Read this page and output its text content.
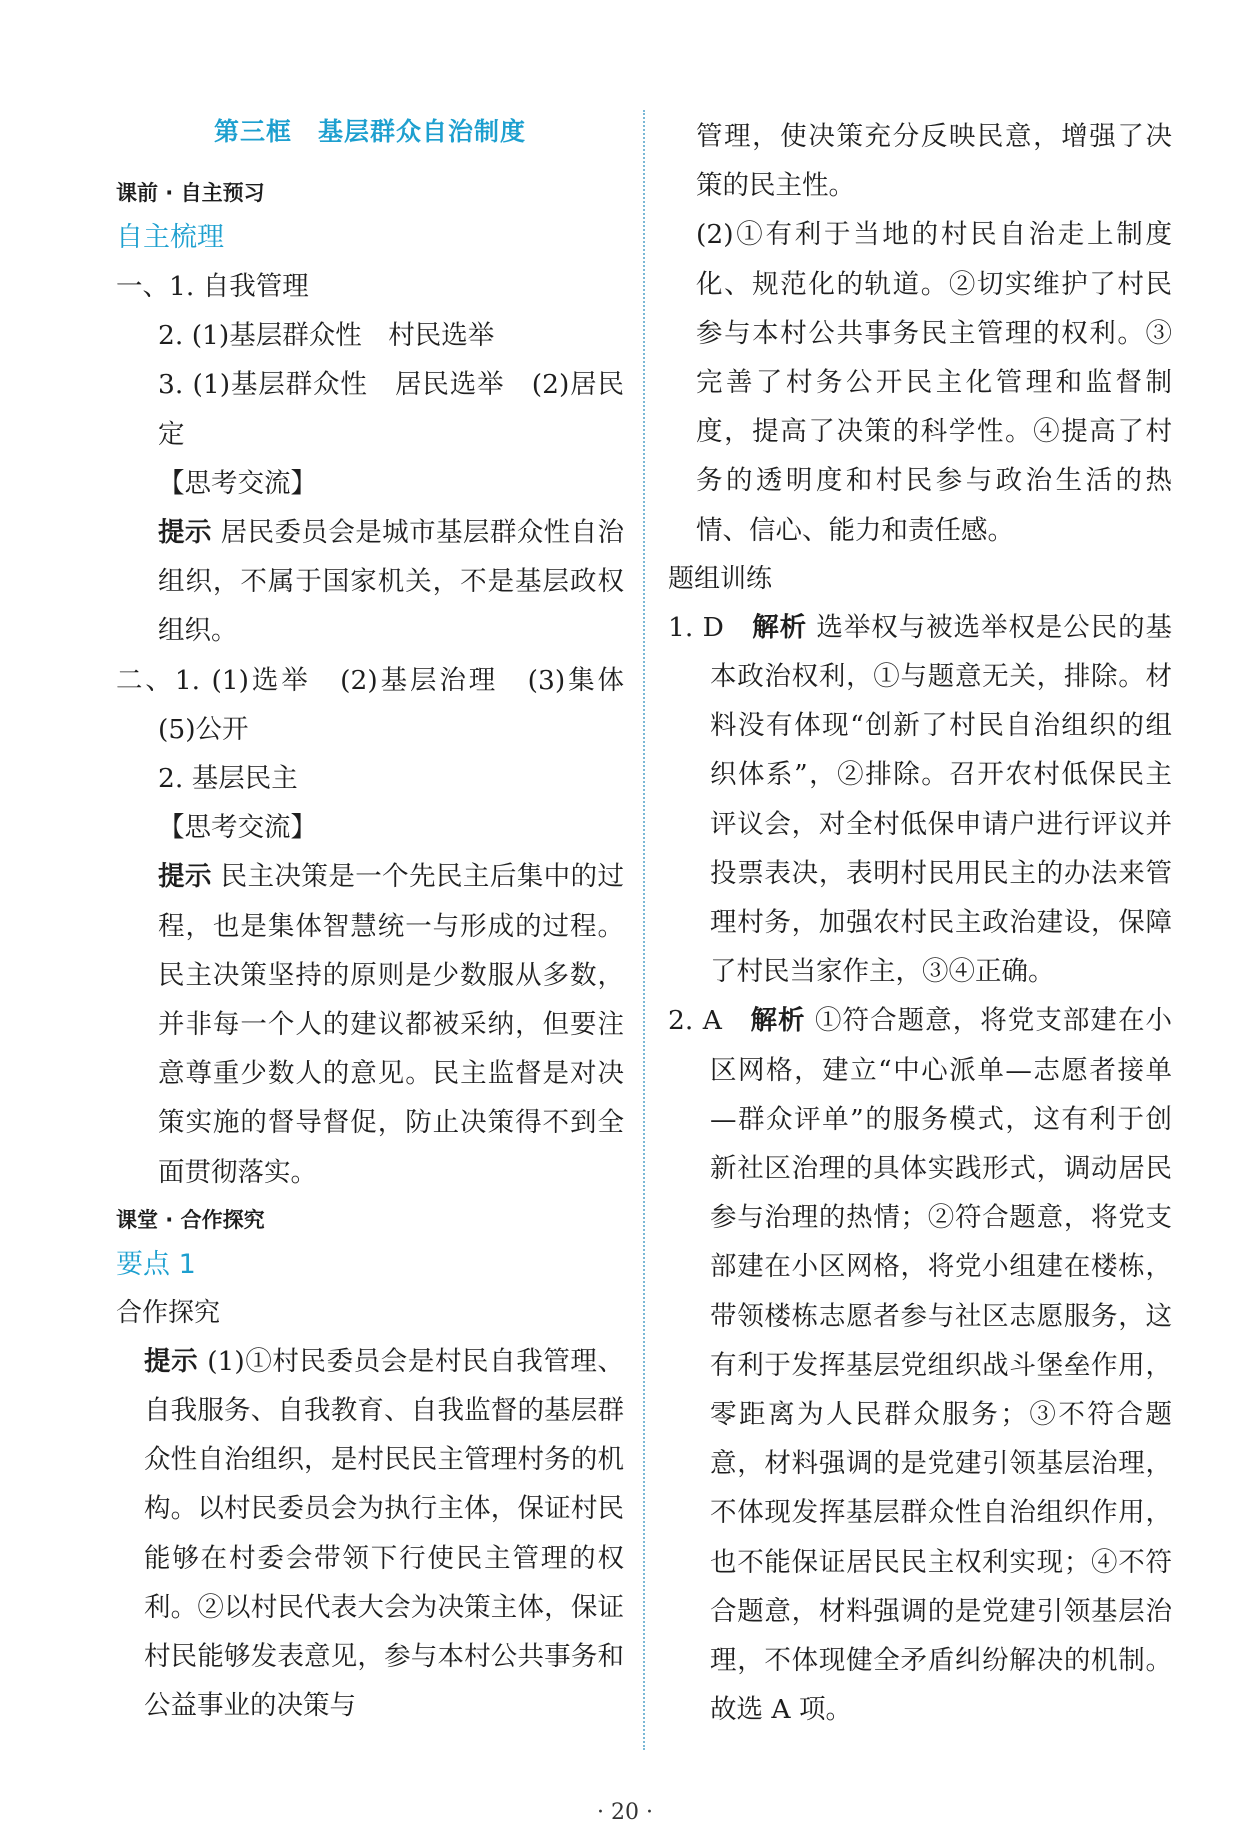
第三框 基层群众自治制度
课前 · 自主预习
自主梳理

一、1. 自我管理

2. (1)基层群众性　村民选举

3. (1)基层群众性　居民选举　(2)居民定

【思考交流】

提示 居民委员会是城市基层群众性自治组织，不属于国家机关，不是基层政权组织。

二、1. (1)选举　(2)基层治理　(3)集体　(5)公开

2. 基层民主

【思考交流】

提示 民主决策是一个先民主后集中的过程，也是集体智慧统一与形成的过程。民主决策坚持的原则是少数服从多数，并非每一个人的建议都被采纳，但要注意尊重少数人的意见。民主监督是对决策实施的督导督促，防止决策得不到全面贯彻落实。

课堂 · 合作探究
要点 1
合作探究

提示 (1)①村民委员会是村民自我管理、自我服务、自我教育、自我监督的基层群众性自治组织，是村民民主管理村务的机构。以村民委员会为执行主体，保证村民能够在村委会带领下行使民主管理的权利。②以村民代表大会为决策主体，保证村民能够发表意见，参与本村公共事务和公益事业的决策与

管理，使决策充分反映民意，增强了决策的民主性。

(2)①有利于当地的村民自治走上制度化、规范化的轨道。②切实维护了村民参与本村公共事务民主管理的权利。③完善了村务公开民主化管理和监督制度，提高了决策的科学性。④提高了村务的透明度和村民参与政治生活的热情、信心、能力和责任感。

题组训练

1. D　解析 选举权与被选举权是公民的基本政治权利，①与题意无关，排除。材料没有体现“创新了村民自治组织的组织体系”，②排除。召开农村低保民主评议会，对全村低保申请户进行评议并投票表决，表明村民用民主的办法来管理村务，加强农村民主政治建设，保障了村民当家作主，③④正确。

2. A　解析 ①符合题意，将党支部建在小区网格，建立“中心派单—志愿者接单—群众评单”的服务模式，这有利于创新社区治理的具体实践形式，调动居民参与治理的热情；②符合题意，将党支部建在小区网格，将党小组建在楼栋，带领楼栋志愿者参与社区志愿服务，这有利于发挥基层党组织战斗堡垒作用，零距离为人民群众服务；③不符合题意，材料强调的是党建引领基层治理，不体现发挥基层群众性自治组织作用，也不能保证居民民主权利实现；④不符合题意，材料强调的是党建引领基层治理，不体现健全矛盾纠纷解决的机制。故选 A 项。

· 20 ·
